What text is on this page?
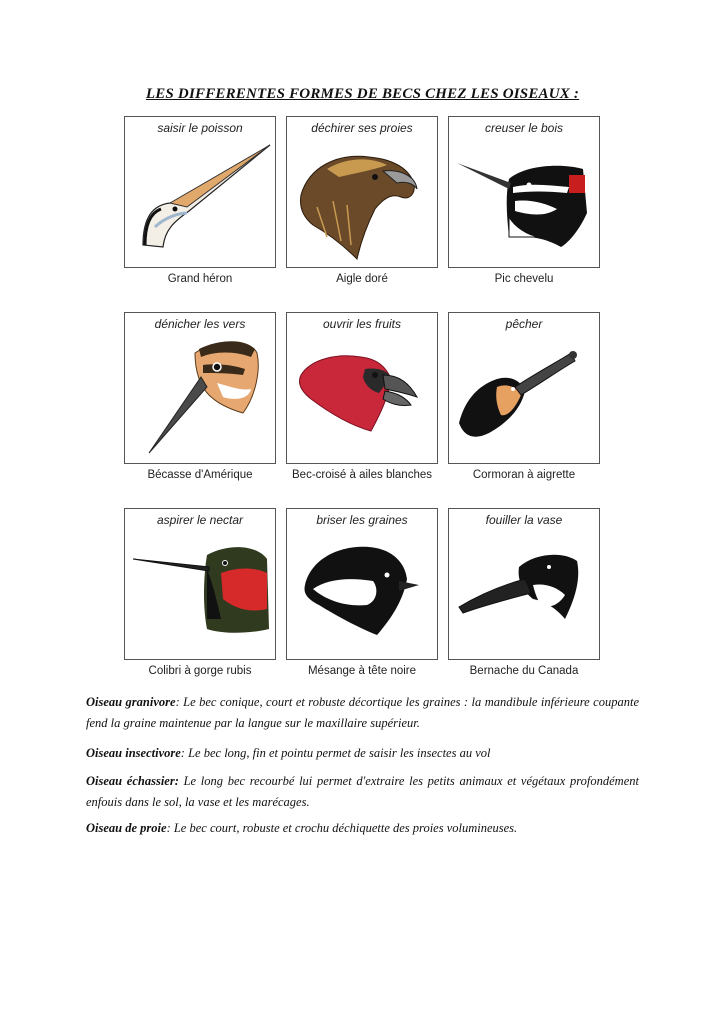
LES DIFFERENTES FORMES DE BECS CHEZ LES OISEAUX :
saisir le poisson
Grand héron
déchirer ses proies
Aigle doré
creuser le bois
Pic chevelu
dénicher les vers
Bécasse d'Amérique
ouvrir les fruits
Bec-croisé à ailes blanches
pêcher
Cormoran à aigrette
aspirer le nectar
Colibri à gorge rubis
briser les graines
Mésange à tête noire
fouiller la vase
Bernache du Canada
Oiseau granivore: Le bec conique, court et robuste décortique les graines : la mandibule inférieure coupante fend la graine maintenue par la langue sur le maxillaire supérieur.
Oiseau insectivore: Le bec long, fin et pointu permet de saisir les insectes au vol
Oiseau échassier: Le long bec recourbé lui permet d'extraire les petits animaux et végétaux profondément enfouis dans le sol, la vase et les marécages.
Oiseau de proie: Le bec court, robuste et crochu déchiquette des proies volumineuses.
